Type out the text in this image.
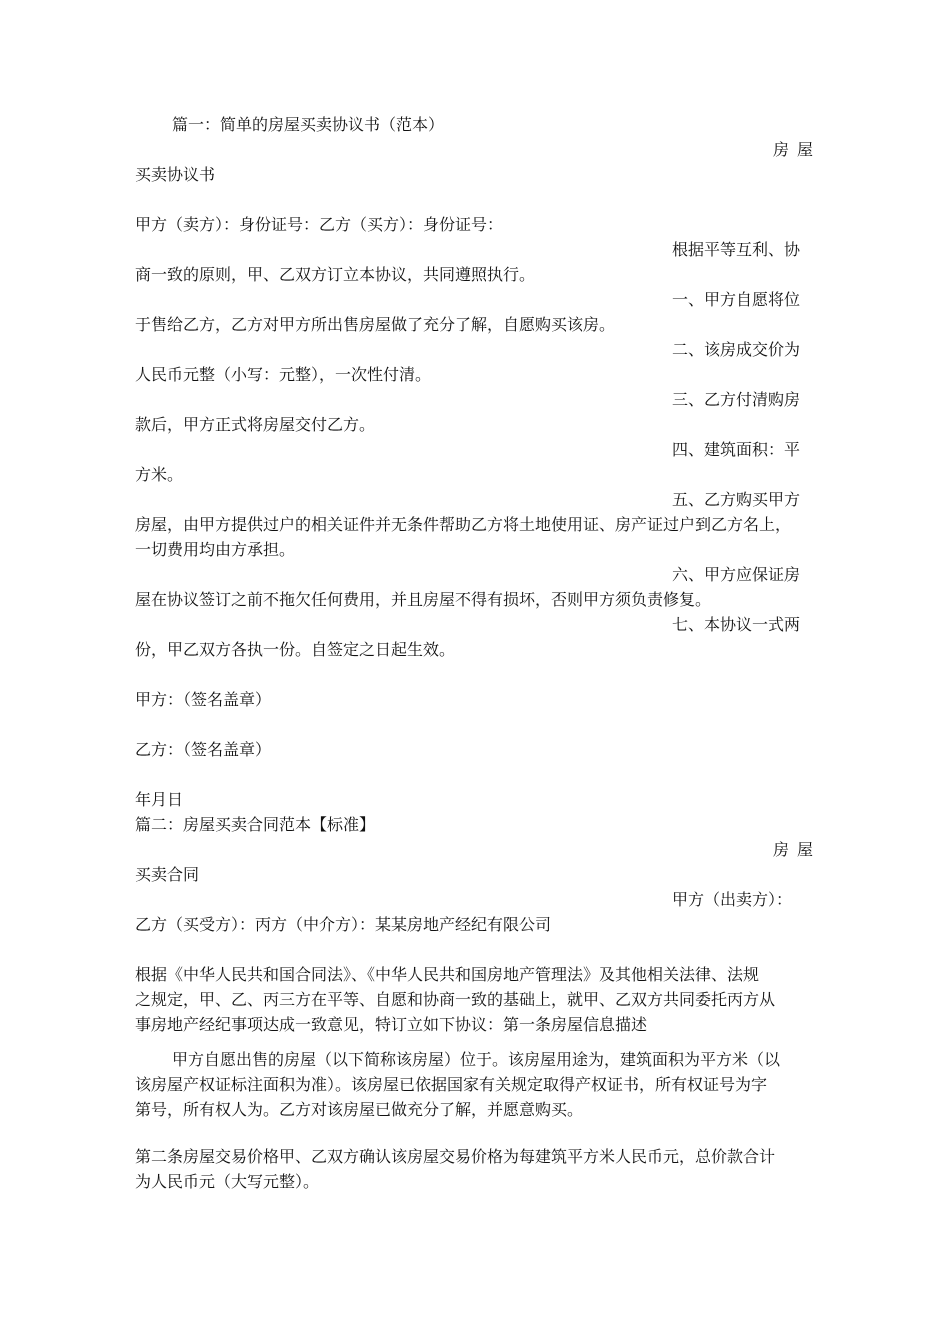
篇一：简单的房屋买卖协议书（范本）
房屋
买卖协议书
甲方（卖方）：身份证号：乙方（买方）：身份证号：
根据平等互利、协
商一致的原则，甲、乙双方订立本协议，共同遵照执行。
一、甲方自愿将位
于售给乙方，乙方对甲方所出售房屋做了充分了解，自愿购买该房。
二、该房成交价为
人民币元整（小写：元整），一次性付清。
三、乙方付清购房
款后，甲方正式将房屋交付乙方。
四、建筑面积：平
方米。
五、乙方购买甲方
房屋，由甲方提供过户的相关证件并无条件帮助乙方将土地使用证、房产证过户到乙方名上，
一切费用均由方承担。
六、甲方应保证房
屋在协议签订之前不拖欠任何费用，并且房屋不得有损坏，否则甲方须负责修复。
七、本协议一式两
份，甲乙双方各执一份。自签定之日起生效。
甲方：（签名盖章）
乙方：（签名盖章）
年月日
篇二：房屋买卖合同范本【标准】
房屋
买卖合同
甲方（出卖方）：
乙方（买受方）：丙方（中介方）：某某房地产经纪有限公司
根据《中华人民共和国合同法》、《中华人民共和国房地产管理法》及其他相关法律、法规
之规定，甲、乙、丙三方在平等、自愿和协商一致的基础上，就甲、乙双方共同委托丙方从
事房地产经纪事项达成一致意见，特订立如下协议：第一条房屋信息描述
甲方自愿出售的房屋（以下简称该房屋）位于。该房屋用途为，建筑面积为平方米（以
该房屋产权证标注面积为准）。该房屋已依据国家有关规定取得产权证书，所有权证号为字
第号，所有权人为。乙方对该房屋已做充分了解，并愿意购买。
第二条房屋交易价格甲、乙双方确认该房屋交易价格为每建筑平方米人民币元，总价款合计
为人民币元（大写元整）。
